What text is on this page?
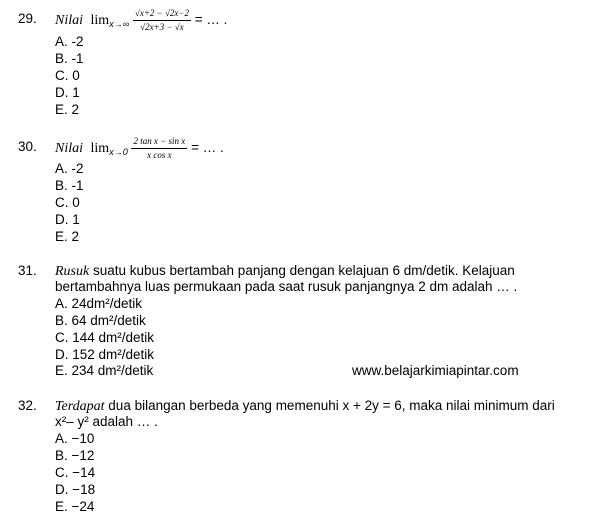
29. Nilai $\lim_{x\to\infty} \frac{√x+2 - √2x-2}{√2x+3 - √x}$ = … .
A. -2
B. -1
C. 0
D. 1
E. 2
30. Nilai $\lim_{x\to 0} \frac{\text{2 tan x − sin x}}{\text{x cos x}}$ = … .
A. -2
B. -1
C. 0
D. 1
E. 2
31. Rusuk suatu kubus bertambah panjang dengan kelajuan 6 dm/detik. Kelajuan
bertambahnya luas permukaan pada saat rusuk panjangnya 2 dm adalah … .
A. 24dm²/detik
B. 64 dm²/detik
C. 144 dm²/detik
D. 152 dm²/detik
E. 234 dm²/detik	www.belajarkimiapintar.com
32. Terdapat dua bilangan berbeda yang memenuhi x + 2y = 6, maka nilai minimum dari
x²– y² adalah … .
A. −10
B. −12
C. −14
D. −18
E. −24
